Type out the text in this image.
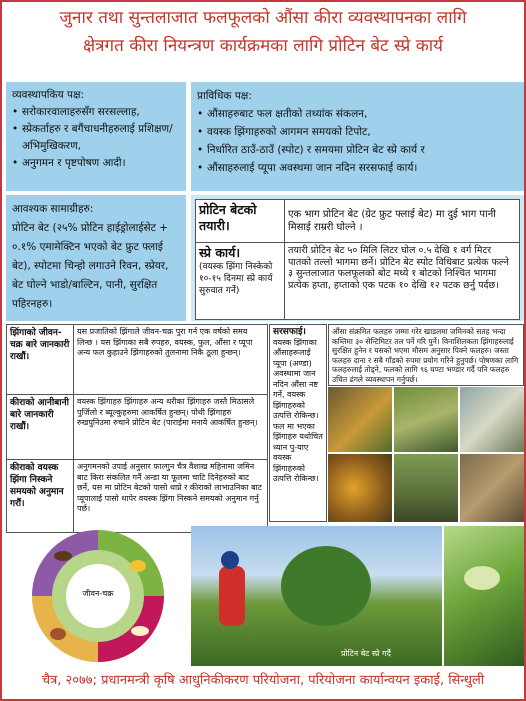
जुनार तथा सुन्तलाजात फलफूलको औंसा कीरा व्यवस्थापनका लागि
क्षेत्रगत कीरा नियन्त्रण कार्यक्रमका लागि प्रोटिन बेट स्प्रे कार्य
व्यवस्थापकिय पक्ष:
• सरोकारवालाहरुसँग सरसल्लाह,
• स्प्रेकर्ताहरु र बगैंचाधनीहरुलाई प्रशिक्षण/अभिमुखिकरण,
• अनुगमन र पृष्टपोषण आदी।
प्राविधिक पक्ष:
• औंसाहरुबाट फल क्षतीको तथ्यांक संकलन,
• वयस्क झिंगाहरुको आगमन समयको टिपोट,
• निर्धारित ठाउँ-ठाउँ (स्पोट) र समयमा प्रोटिन बेट स्प्रे कार्य र
• औंसाहरुलाई प्यूपा अवस्थमा जान नदिन सरसफाई कार्य।
आवश्यक सामाग्रीहरु:
प्रोटिन बेट (२५% प्रोटिन हाईड्रोलाईसेट + ०.१% एमामेक्टिन भएको बेट फ्रुट फ्लाई बेट), स्पोटमा चिन्हो लगाउने रिवन, स्प्रेयर, बेट घोल्ने भाडो/बाल्टिन, पानी, सुरक्षित पहिरनहरु।
प्रोटिन बेटको तयारी।	एक भाग प्रोटिन बेट (ग्रेट फ्रुट फ्लाई बेट) मा दुई भाग पानी मिसाई राम्ररी घोल्ने ।
स्प्रे कार्य।
(वयस्क झिंगा निस्केको १०-१५ दिनमा स्प्रे कार्य सुरुवात गर्ने)	तयारी प्रोटिन बेट ५० मिलि लिटर घोल ०.५ देखि १ वर्ग मिटर पातको तल्लो भागमा छर्ने। प्रोटिन बेट स्पोट विधिबाट प्रत्येक फल्ने ३ सुन्तलाजात फलफूलको बोट मध्ये १ बोटको निश्चित भागमा प्रत्येक हप्ता, हप्ताको एक पटक १० देखि १२ पटक छर्नु पर्दछ।
झिंगाको जीवन-चक्र बारे जानकारी राखौं।	यस प्रजातिको झिंगाले जीवन-चक्र पुरा गर्न एक वर्षको समय लिन्छ । यस झिंगाका सबै रुपहरु, वयस्क, फुल, औंसा र प्यूपा अन्य फल कुहाउने झिंगाहरुको तुलनामा निकै ठूला हुन्छन्।
कीराको आनीबानी बारे जानकारी राखौं।	वयस्क झिंगाहरु झिंगाहरु अन्य थरीका झिंगाहरु जस्तै मिठासले पुर्जिलो र ब्यूल्कुहरुमा आकर्षित हुन्छन्। पोथी झिंगाहरु रुखपुनिउमा रुचाने प्रोटिन बेट (पाराईमा मनाये आकर्षित हुन्छन्।
कीराको वयस्क झिंगा निस्कने समयको अनुमान गरौं।	अनुगमनको उपाई अनुसार फाल्गुन चैत्र वैशाख महिनामा जमिन बाट किरा संकलित गर्नै अन्डा या फूलमा चाटि दिनेहरुको बाट छर्ने, यस मा प्रोटिन बेटको पासो थाप्ने र कीराको लाभाउनिका बाट प्यूपालाई पासो थापेर वयस्क झिंगा निस्कने समयको अनुमान गर्नु पर्छ।
सरसफाई।
वयस्क झिंगाका औंसाहरूलाई प्यूपा (अण्डा) अवस्थामा जान नदिन औंसा नष्ट गर्ने, वयस्क झिंगाहरुको उत्पत्ति रोकिन्छ।
फल मा भएका झिंगाहरु यथोचित ध्यान पु-याए वयस्क झिंगाहरुको उत्पत्ति रोकिन्छ।
औंसा संक्रमित फलहरु जम्मा गरेर खाडलमा जमिनको सतह भन्दा कम्तिमा ३० सेन्टिमिटर तल पर्ने गरि पुर्ने। विनाशिलकता झिंगाहरुलाई सुरक्षित हुनेन र यसको भएमा मौसम अनुसार पिक्ने फलहरु। जस्ता फलहरु दाना र सबै गाँडको रुपमा प्रयोग गरिने हुनुपर्छ। पोषणका लागि फलहरुलाई तोड्ने, फलको लागि ९६ घण्टा भण्डार गर्दै पनि फलहरु उचित ढंगले व्यवस्थापन गर्नुपर्छ।
जीवन-चक्र
प्रोटिन बेट स्प्रे गर्दै
चैत्र, २०७७; प्रधानमन्त्री कृषि आधुनिकीकरण परियोजना, परियोजना कार्यान्वयन इकाई, सिन्धुली
